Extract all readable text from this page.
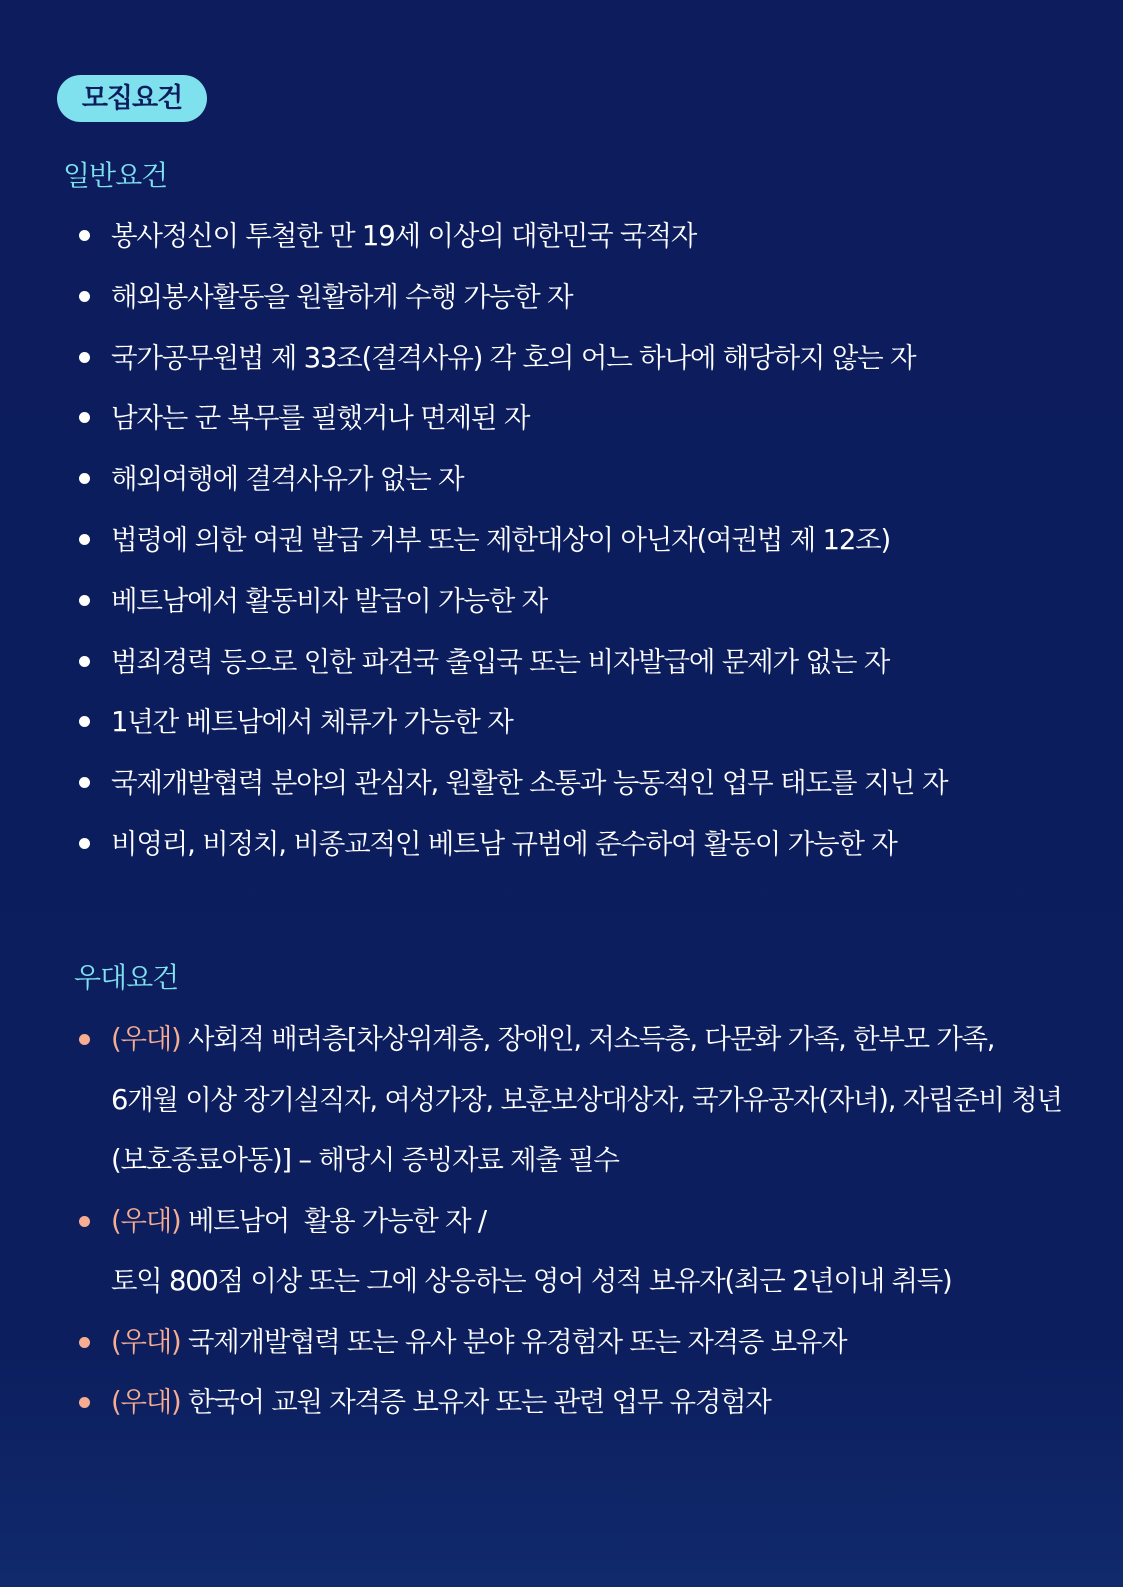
모집요건
일반요건
봉사정신이 투철한 만 19세 이상의 대한민국 국적자
해외봉사활동을 원활하게 수행 가능한 자
국가공무원법 제 33조(결격사유) 각 호의 어느 하나에 해당하지 않는 자
남자는 군 복무를 필했거나 면제된 자
해외여행에 결격사유가 없는 자
법령에 의한 여권 발급 거부 또는 제한대상이 아닌자(여권법 제 12조)
베트남에서 활동비자 발급이 가능한 자
범죄경력 등으로 인한 파견국 출입국 또는 비자발급에 문제가 없는 자
1년간 베트남에서 체류가 가능한 자
국제개발협력 분야의 관심자, 원활한 소통과 능동적인 업무 태도를 지닌 자
비영리, 비정치, 비종교적인 베트남 규범에 준수하여 활동이 가능한 자
우대요건
(우대) 사회적 배려층[차상위계층, 장애인, 저소득층, 다문화 가족, 한부모 가족,
6개월 이상 장기실직자, 여성가장, 보훈보상대상자, 국가유공자(자녀), 자립준비 청년
(보호종료아동)] – 해당시 증빙자료 제출 필수
(우대) 베트남어  활용 가능한 자 /
토익 800점 이상 또는 그에 상응하는 영어 성적 보유자(최근 2년이내 취득)
(우대) 국제개발협력 또는 유사 분야 유경험자 또는 자격증 보유자
(우대) 한국어 교원 자격증 보유자 또는 관련 업무 유경험자
